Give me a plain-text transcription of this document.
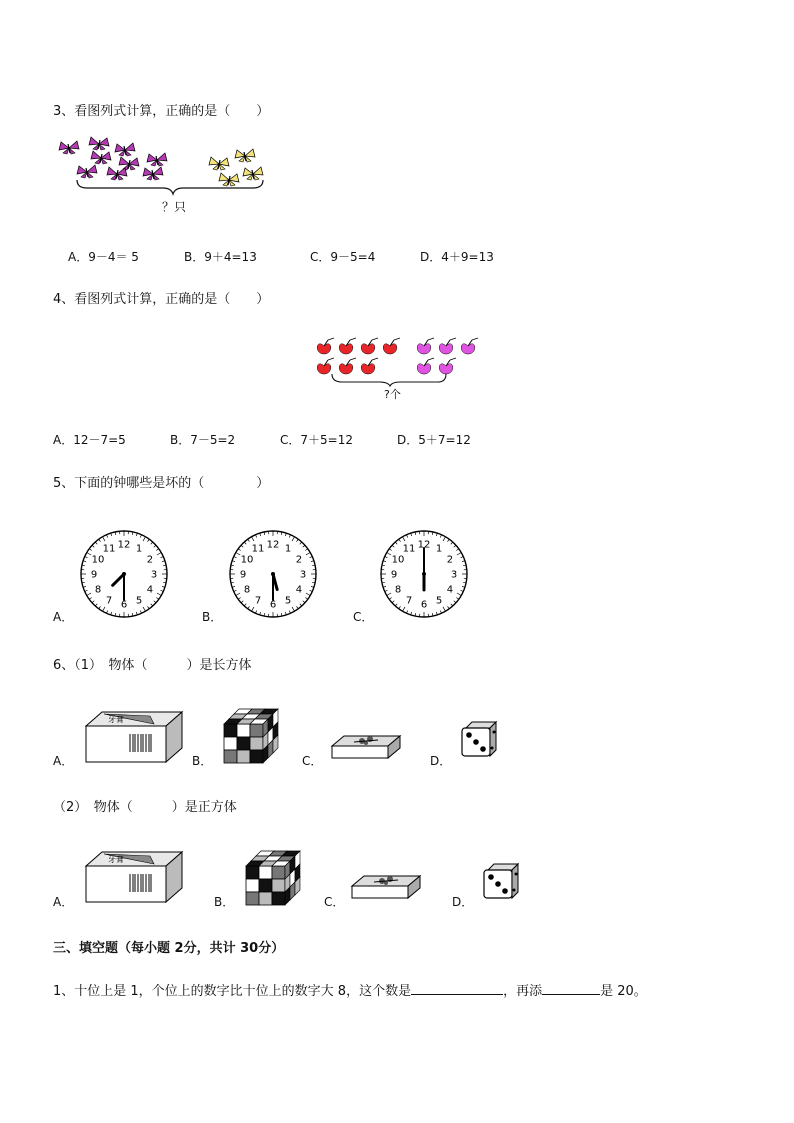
3、看图列式计算，正确的是（　　）
？只
A．9－4＝ 5	B．9＋4=13	C．9－5=4	D．4＋9=13
4、看图列式计算，正确的是（　　）
?个
A．12－7=5	B．7－5=2	C．7＋5=12	D．5＋7=12
5、下面的钟哪些是坏的（　　　　）
A．
12 1
2
3
4
5
6
7
8
9
10
11
B．
12 1
2
3
4
5
6
7
8
9
10
11
C．
12 1
2
3
4
5
6
7
8
9
10
11
6、（1）　物体（　　　）是长方体
A．
牙膏
B．	C．	D．
（2）　物体（　　　）是正方体
A．
牙膏
B．	C．	D．
三、填空题（每小题 2分，共计 30分）
1、十位上是 1，个位上的数字比十位上的数字大 8，这个数是	，再添	是 20。
